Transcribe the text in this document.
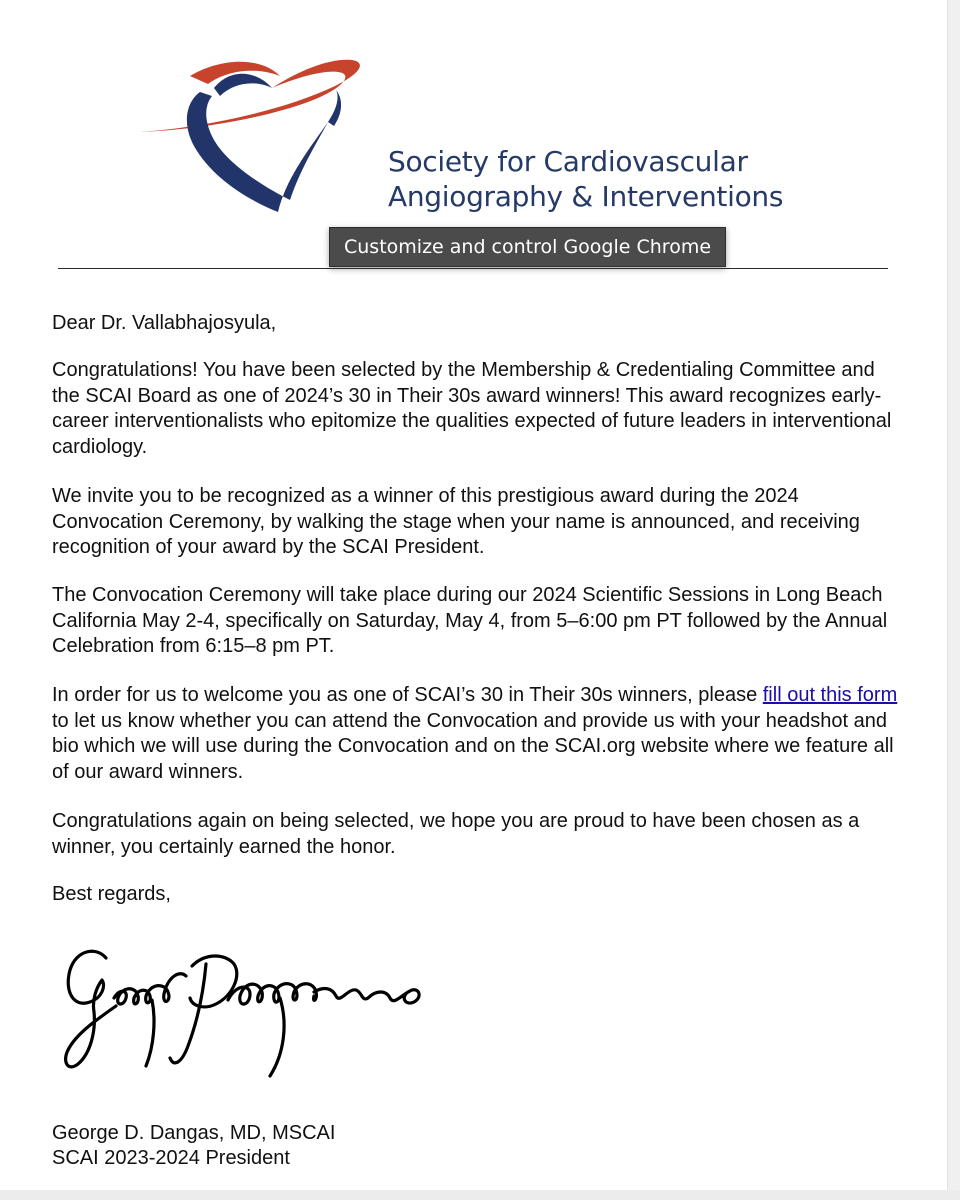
Society for Cardiovascular
Angiography & Interventions
Customize and control Google Chrome

Dear Dr. Vallabhajosyula,

Congratulations! You have been selected by the Membership & Credentialing Committee and the SCAI Board as one of 2024’s 30 in Their 30s award winners! This award recognizes early-career interventionalists who epitomize the qualities expected of future leaders in interventional cardiology.

We invite you to be recognized as a winner of this prestigious award during the 2024 Convocation Ceremony, by walking the stage when your name is announced, and receiving recognition of your award by the SCAI President.

The Convocation Ceremony will take place during our 2024 Scientific Sessions in Long Beach California May 2-4, specifically on Saturday, May 4, from 5–6:00 pm PT followed by the Annual Celebration from 6:15–8 pm PT.

In order for us to welcome you as one of SCAI’s 30 in Their 30s winners, please fill out this form to let us know whether you can attend the Convocation and provide us with your headshot and bio which we will use during the Convocation and on the SCAI.org website where we feature all of our award winners.

Congratulations again on being selected, we hope you are proud to have been chosen as a winner, you certainly earned the honor.

Best regards,

George D. Dangas, MD, MSCAI

SCAI 2023-2024 President
